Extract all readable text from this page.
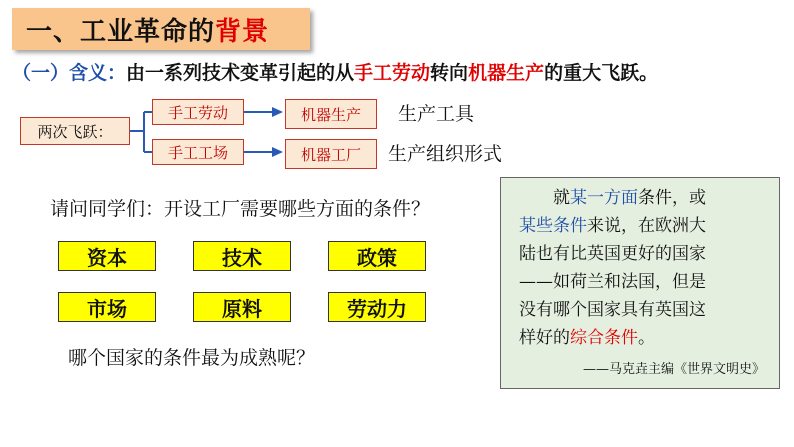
一、工业革命的 背景
（一）含义：由一系列技术变革引起的从手工劳动转向机器生产的重大飞跃。
两次飞跃：
手工劳动	机器生产	生产工具
手工工场	机器工厂	生产组织形式
请问同学们：开设工厂需要哪些方面的条件？
资本	技术	政策
市场	原料	劳动力
哪个国家的条件最为成熟呢？
　　就某一方面条件，或
某些条件来说，在欧洲大
陆也有比英国更好的国家
——如荷兰和法国，但是
没有哪个国家具有英国这
样好的综合条件。
——马克垚主编《世界文明史》
